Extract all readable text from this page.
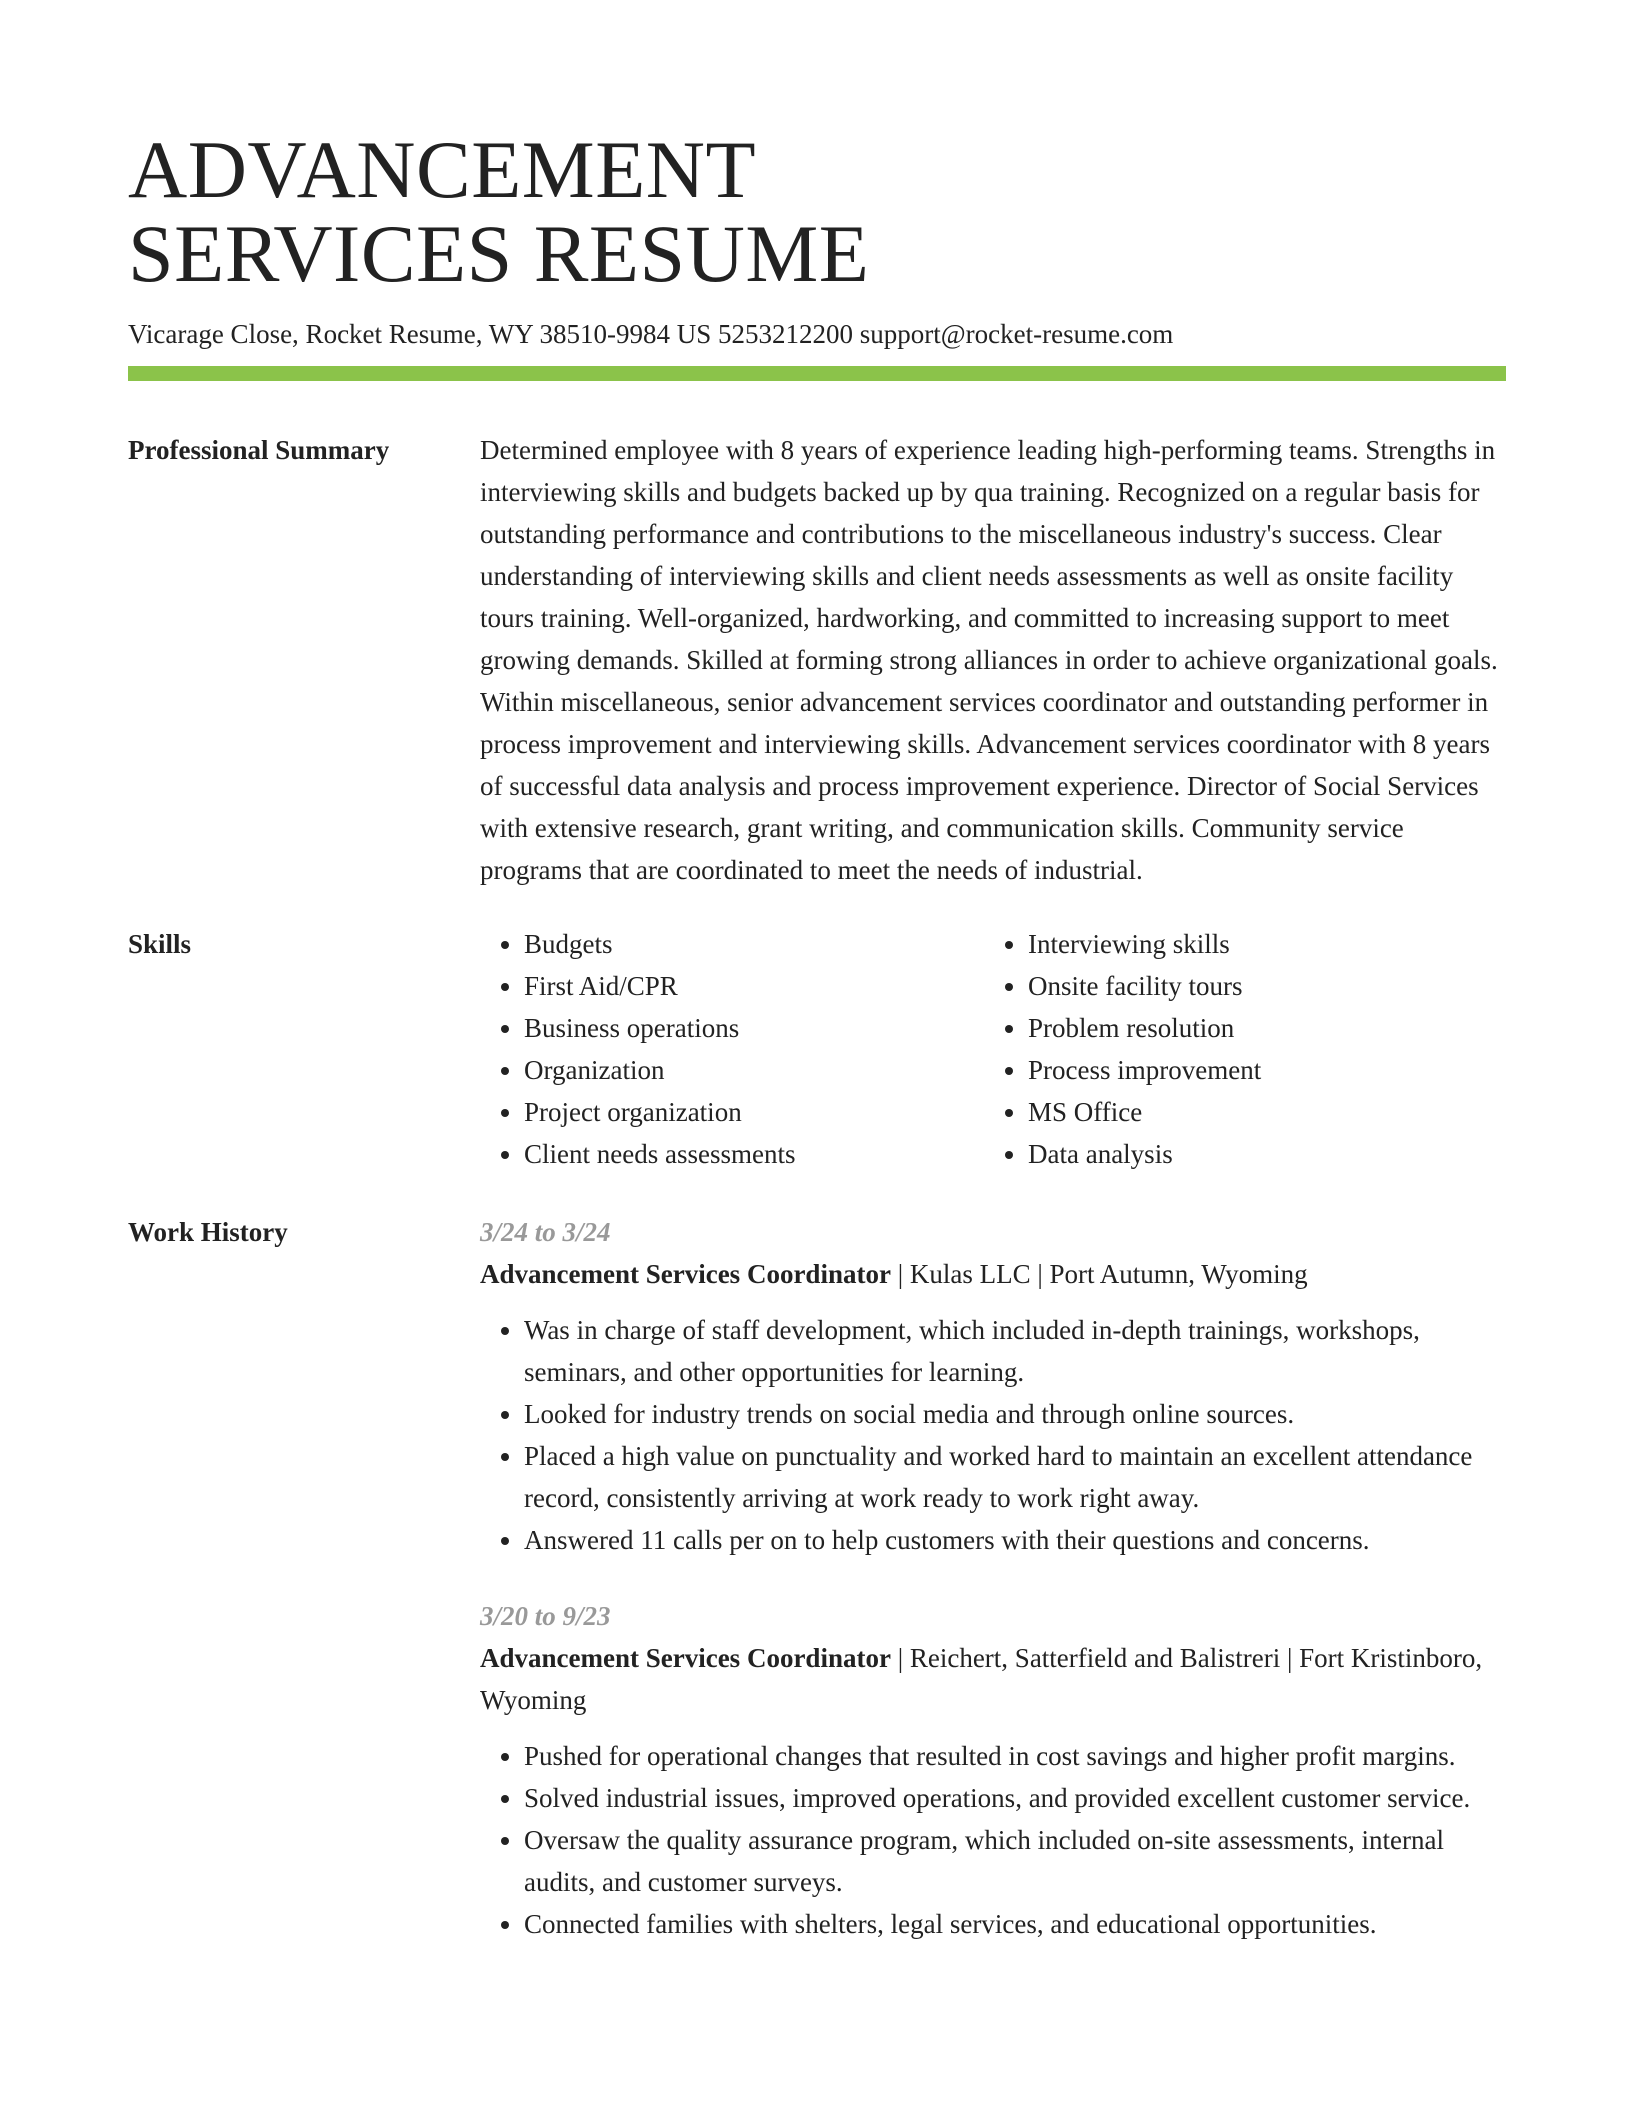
ADVANCEMENT
SERVICES RESUME
Vicarage Close, Rocket Resume, WY 38510-9984 US 5253212200 support@rocket-resume.com
Professional Summary	Determined employee with 8 years of experience leading high-performing teams. Strengths in interviewing skills and budgets backed up by qua training. Recognized on a regular basis for outstanding performance and contributions to the miscellaneous industry's success. Clear understanding of interviewing skills and client needs assessments as well as onsite facility tours training. Well-organized, hardworking, and committed to increasing support to meet growing demands. Skilled at forming strong alliances in order to achieve organizational goals. Within miscellaneous, senior advancement services coordinator and outstanding performer in process improvement and interviewing skills. Advancement services coordinator with 8 years of successful data analysis and process improvement experience. Director of Social Services with extensive research, grant writing, and communication skills. Community service programs that are coordinated to meet the needs of industrial.
Skills
•	Budgets
• First Aid/CPR
• Business operations
• Organization
• Project organization
• Client needs assessments
• Interviewing skills
• Onsite facility tours
• Problem resolution
• Process improvement
• MS Office
• Data analysis
Work History	3/24 to 3/24
Advancement Services Coordinator | Kulas LLC | Port Autumn, Wyoming
• Was in charge of staff development, which included in-depth trainings, workshops, seminars, and other opportunities for learning.
• Looked for industry trends on social media and through online sources.
• Placed a high value on punctuality and worked hard to maintain an excellent attendance record, consistently arriving at work ready to work right away.
• Answered 11 calls per on to help customers with their questions and concerns.
3/20 to 9/23
Advancement Services Coordinator | Reichert, Satterfield and Balistreri | Fort Kristinboro, Wyoming
• Pushed for operational changes that resulted in cost savings and higher profit margins.
• Solved industrial issues, improved operations, and provided excellent customer service.
• Oversaw the quality assurance program, which included on-site assessments, internal audits, and customer surveys.
• Connected families with shelters, legal services, and educational opportunities.
